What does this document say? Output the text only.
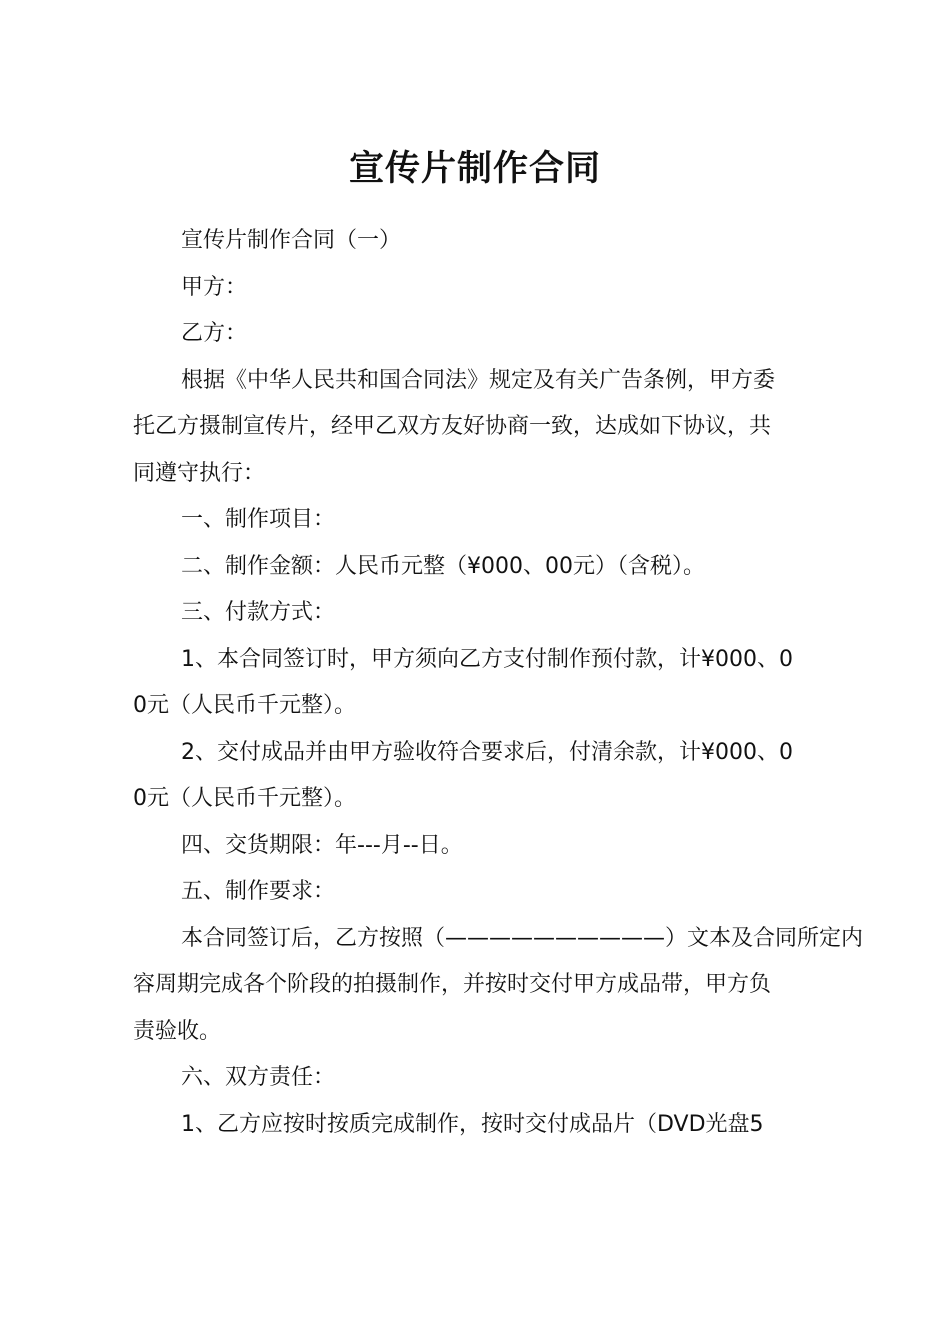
宣传片制作合同
宣传片制作合同（一）
甲方：
乙方：
根据《中华人民共和国合同法》规定及有关广告条例，甲方委
托乙方摄制宣传片，经甲乙双方友好协商一致，达成如下协议，共
同遵守执行：
一、制作项目：
二、制作金额：人民币元整（¥000、00元）（含税）。
三、付款方式：
1、本合同签订时，甲方须向乙方支付制作预付款，计¥000、0
0元（人民币千元整）。
2、交付成品并由甲方验收符合要求后，付清余款，计¥000、0
0元（人民币千元整）。
四、交货期限：年---月--日。
五、制作要求：
本合同签订后，乙方按照（——————————）文本及合同所定内
容周期完成各个阶段的拍摄制作，并按时交付甲方成品带，甲方负
责验收。
六、双方责任：
1、乙方应按时按质完成制作，按时交付成品片（DVD光盘5
